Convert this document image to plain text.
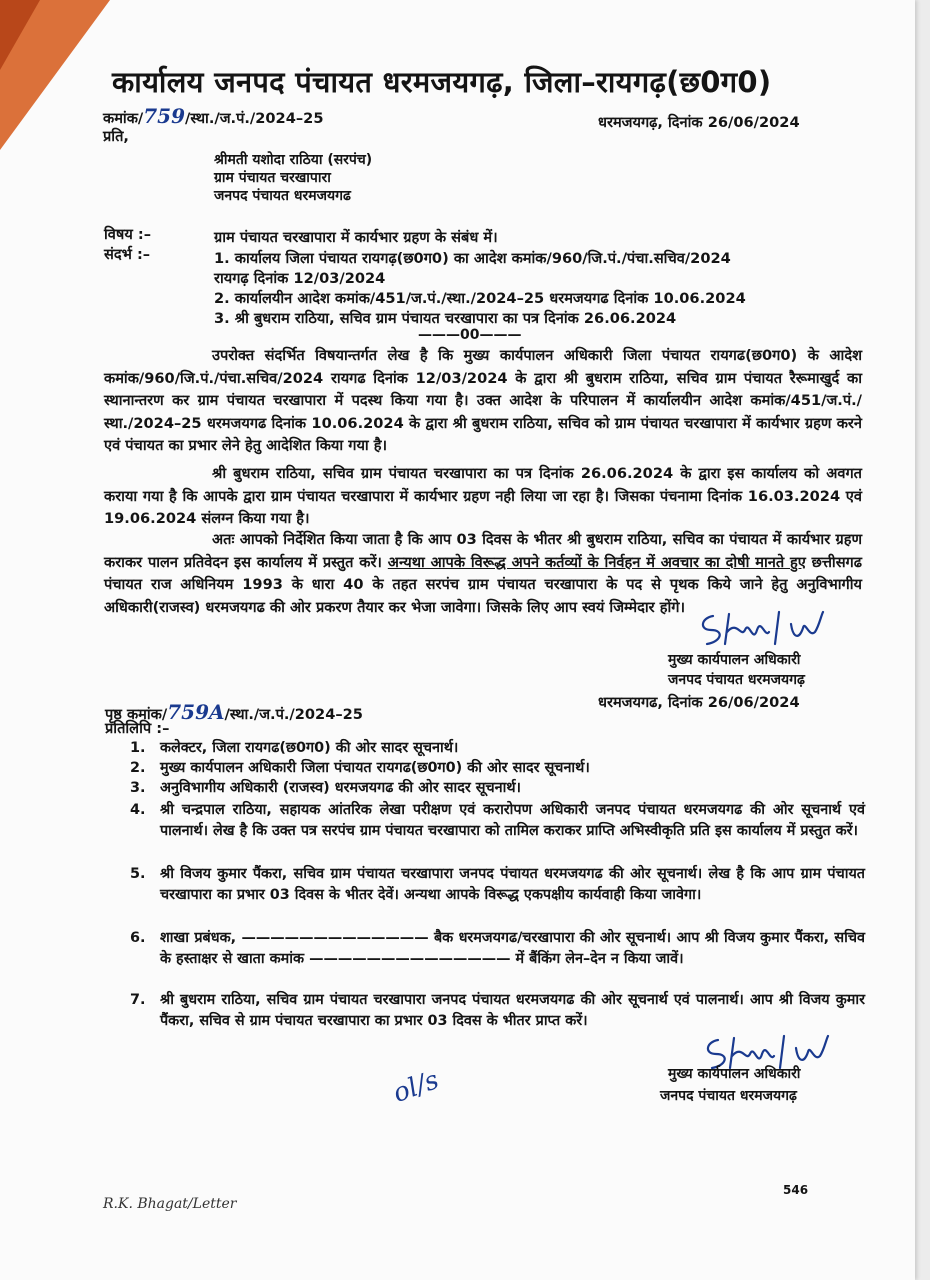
कार्यालय जनपद पंचायत धरमजयगढ़, जिला–रायगढ़(छ0ग0)
कमांक/759/स्था./ज.पं./2024–25	धरमजयगढ़, दिनांक 26/06/2024
प्रति,
श्रीमती यशोदा राठिया (सरपंच)
ग्राम पंचायत चरखापारा
जनपद पंचायत धरमजयगढ
विषय :–	ग्राम पंचायत चरखापारा में कार्यभार ग्रहण के संबंध में।
संदर्भ :–	1. कार्यालय जिला पंचायत रायगढ़(छ0ग0) का आदेश कमांक/960/जि.पं./पंचा.सचिव/2024
रायगढ़ दिनांक 12/03/2024
2. कार्यालयीन आदेश कमांक/451/ज.पं./स्था./2024–25 धरमजयगढ दिनांक 10.06.2024
3. श्री बुधराम राठिया, सचिव ग्राम पंचायत चरखापारा का पत्र दिनांक 26.06.2024
———00———
उपरोक्त संदर्भित विषयान्तर्गत लेख है कि मुख्य कार्यपालन अधिकारी जिला पंचायत रायगढ(छ0ग0) के आदेश कमांक/960/जि.पं./पंचा.सचिव/2024 रायगढ दिनांक 12/03/2024 के द्वारा श्री बुधराम राठिया, सचिव ग्राम पंचायत रैरूमाखुर्द का स्थानान्तरण कर ग्राम पंचायत चरखापारा में पदस्थ किया गया है। उक्त आदेश के परिपालन में कार्यालयीन आदेश कमांक/451/ज.पं./स्था./2024–25 धरमजयगढ दिनांक 10.06.2024 के द्वारा श्री बुधराम राठिया, सचिव को ग्राम पंचायत चरखापारा में कार्यभार ग्रहण करने एवं पंचायत का प्रभार लेने हेतु आदेशित किया गया है।
श्री बुधराम राठिया, सचिव ग्राम पंचायत चरखापारा का पत्र दिनांक 26.06.2024 के द्वारा इस कार्यालय को अवगत कराया गया है कि आपके द्वारा ग्राम पंचायत चरखापारा में कार्यभार ग्रहण नही लिया जा रहा है। जिसका पंचनामा दिनांक 16.03.2024 एवं 19.06.2024 संलग्न किया गया है।
अतः आपको निर्देशित किया जाता है कि आप 03 दिवस के भीतर श्री बुधराम राठिया, सचिव का पंचायत में कार्यभार ग्रहण कराकर पालन प्रतिवेदन इस कार्यालय में प्रस्तुत करें। अन्यथा आपके विरूद्ध अपने कर्तव्यों के निर्वहन में अवचार का दोषी मानते हुए छत्तीसगढ पंचायत राज अधिनियम 1993 के धारा 40 के तहत सरपंच ग्राम पंचायत चरखापारा के पद से पृथक किये जाने हेतु अनुविभागीय अधिकारी(राजस्व) धरमजयगढ की ओर प्रकरण तैयार कर भेजा जावेगा। जिसके लिए आप स्वयं जिम्मेदार होंगे।
मुख्य कार्यपालन अधिकारी
जनपद पंचायत धरमजयगढ़
पृष्ठ कमांक/759A/स्था./ज.पं./2024–25
धरमजयगढ, दिनांक 26/06/2024
प्रतिलिपि :–
1.	कलेक्टर, जिला रायगढ(छ0ग0) की ओर सादर सूचनार्थ।
2.	मुख्य कार्यपालन अधिकारी जिला पंचायत रायगढ(छ0ग0) की ओर सादर सूचनार्थ।
3.	अनुविभागीय अधिकारी (राजस्व) धरमजयगढ की ओर सादर सूचनार्थ।
4.	श्री चन्द्रपाल राठिया, सहायक आंतरिक लेखा परीक्षण एवं करारोपण अधिकारी जनपद पंचायत धरमजयगढ की ओर सूचनार्थ एवं पालनार्थ। लेख है कि उक्त पत्र सरपंच ग्राम पंचायत चरखापारा को तामिल कराकर प्राप्ति अभिस्वीकृति प्रति इस कार्यालय में प्रस्तुत करें।
5.	श्री विजय कुमार पैंकरा, सचिव ग्राम पंचायत चरखापारा जनपद पंचायत धरमजयगढ की ओर सूचनार्थ। लेख है कि आप ग्राम पंचायत चरखापारा का प्रभार 03 दिवस के भीतर देवें। अन्यथा आपके विरूद्ध एकपक्षीय कार्यवाही किया जावेगा।
6.	शाखा प्रबंधक, ————————————— बैक धरमजयगढ/चरखापारा की ओर सूचनार्थ। आप श्री विजय कुमार पैंकरा, सचिव के हस्ताक्षर से खाता कमांक —————————————— में बैंकिंग लेन–देन न किया जावें।
7.	श्री बुधराम राठिया, सचिव ग्राम पंचायत चरखापारा जनपद पंचायत धरमजयगढ की ओर सूचनार्थ एवं पालनार्थ। आप श्री विजय कुमार पैंकरा, सचिव से ग्राम पंचायत चरखापारा का प्रभार 03 दिवस के भीतर प्राप्त करें।
मुख्य कार्यपालन अधिकारी
जनपद पंचायत धरमजयगढ़
ol/s
546
R.K. Bhagat/Letter
